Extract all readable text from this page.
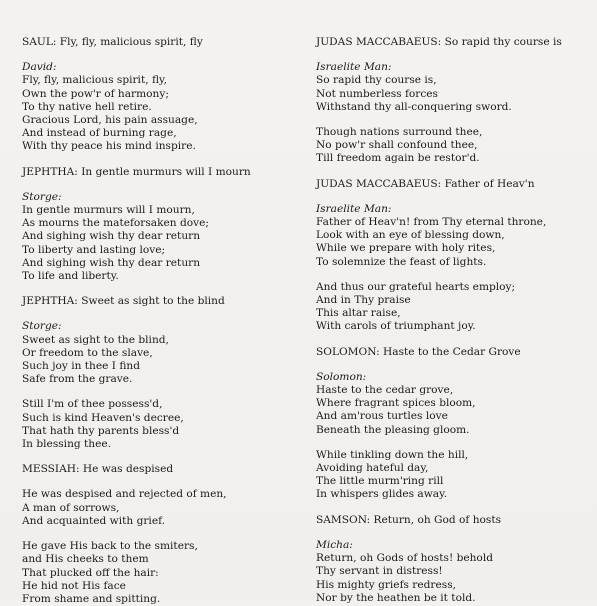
SAUL: Fly, fly, malicious spirit, fly
David:
Fly, fly, malicious spirit, fly,
Own the pow'r of harmony;
To thy native hell retire.
Gracious Lord, his pain assuage,
And instead of burning rage,
With thy peace his mind inspire.
JEPHTHA: In gentle murmurs will I mourn
Storge:
In gentle murmurs will I mourn,
As mourns the mateforsaken dove;
And sighing wish thy dear return
To liberty and lasting love;
And sighing wish thy dear return
To life and liberty.
JEPHTHA: Sweet as sight to the blind
Storge:
Sweet as sight to the blind,
Or freedom to the slave,
Such joy in thee I find
Safe from the grave.
Still I'm of thee possess'd,
Such is kind Heaven's decree,
That hath thy parents bless'd
In blessing thee.
MESSIAH: He was despised
He was despised and rejected of men,
A man of sorrows,
And acquainted with grief.
He gave His back to the smiters,
and His cheeks to them
That plucked off the hair:
He hid not His face
From shame and spitting.
JUDAS MACCABAEUS: So rapid thy course is
Israelite Man:
So rapid thy course is,
Not numberless forces
Withstand thy all-conquering sword.
Though nations surround thee,
No pow'r shall confound thee,
Till freedom again be restor'd.
JUDAS MACCABAEUS: Father of Heav'n
Israelite Man:
Father of Heav'n! from Thy eternal throne,
Look with an eye of blessing down,
While we prepare with holy rites,
To solemnize the feast of lights.
And thus our grateful hearts employ;
And in Thy praise
This altar raise,
With carols of triumphant joy.
SOLOMON: Haste to the Cedar Grove
Solomon:
Haste to the cedar grove,
Where fragrant spices bloom,
And am'rous turtles love
Beneath the pleasing gloom.
While tinkling down the hill,
Avoiding hateful day,
The little murm'ring rill
In whispers glides away.
SAMSON: Return, oh God of hosts
Micha:
Return, oh Gods of hosts! behold
Thy servant in distress!
His mighty griefs redress,
Nor by the heathen be it told.
